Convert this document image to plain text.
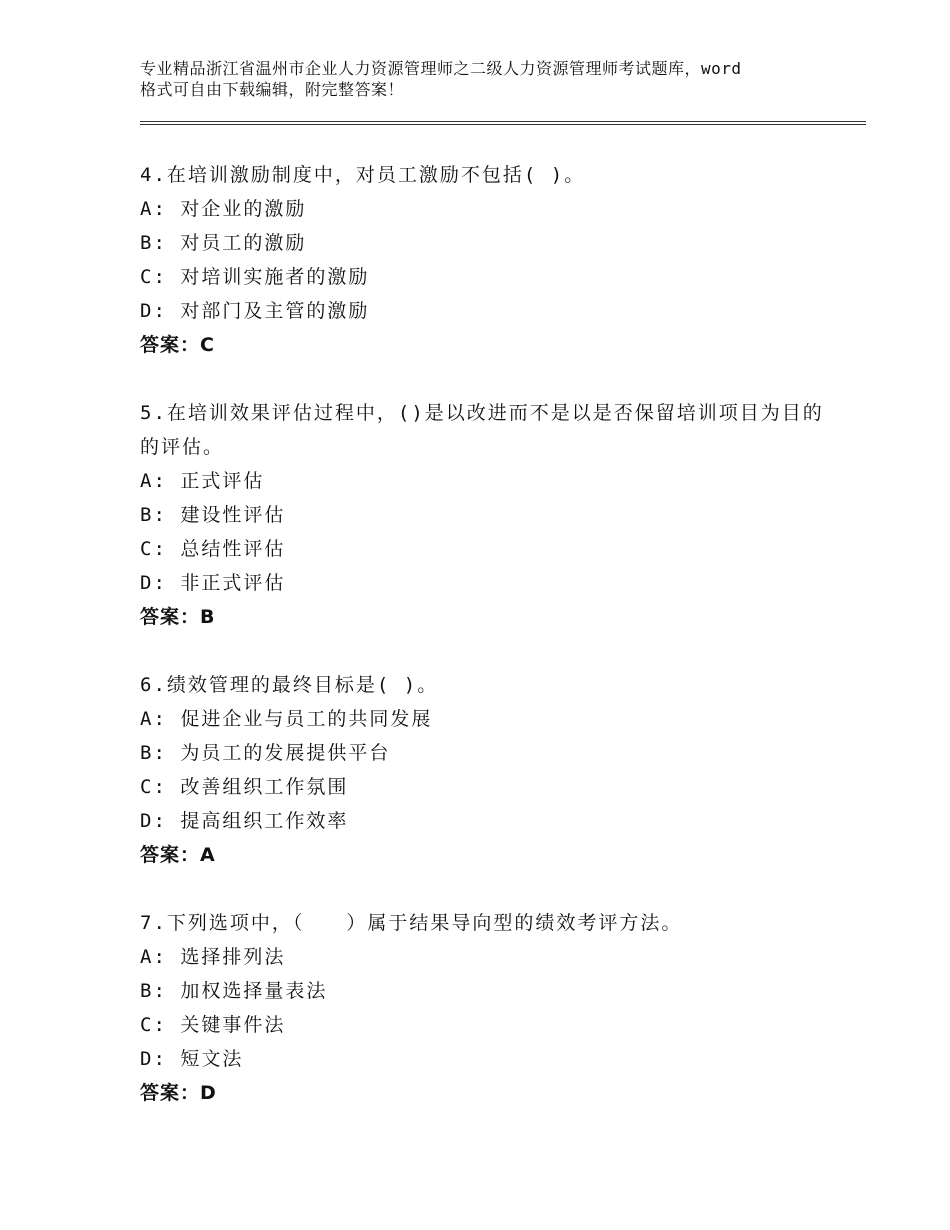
专业精品浙江省温州市企业人力资源管理师之二级人力资源管理师考试题库，word
格式可自由下载编辑，附完整答案！
4.在培训激励制度中，对员工激励不包括( )。
A: 对企业的激励
B: 对员工的激励
C: 对培训实施者的激励
D: 对部门及主管的激励
答案：C
5.在培训效果评估过程中，()是以改进而不是以是否保留培训项目为目的的评估。
A: 正式评估
B: 建设性评估
C: 总结性评估
D: 非正式评估
答案：B
6.绩效管理的最终目标是( )。
A: 促进企业与员工的共同发展
B: 为员工的发展提供平台
C: 改善组织工作氛围
D: 提高组织工作效率
答案：A
7.下列选项中，（　　）属于结果导向型的绩效考评方法。
A: 选择排列法
B: 加权选择量表法
C: 关键事件法
D: 短文法
答案：D
